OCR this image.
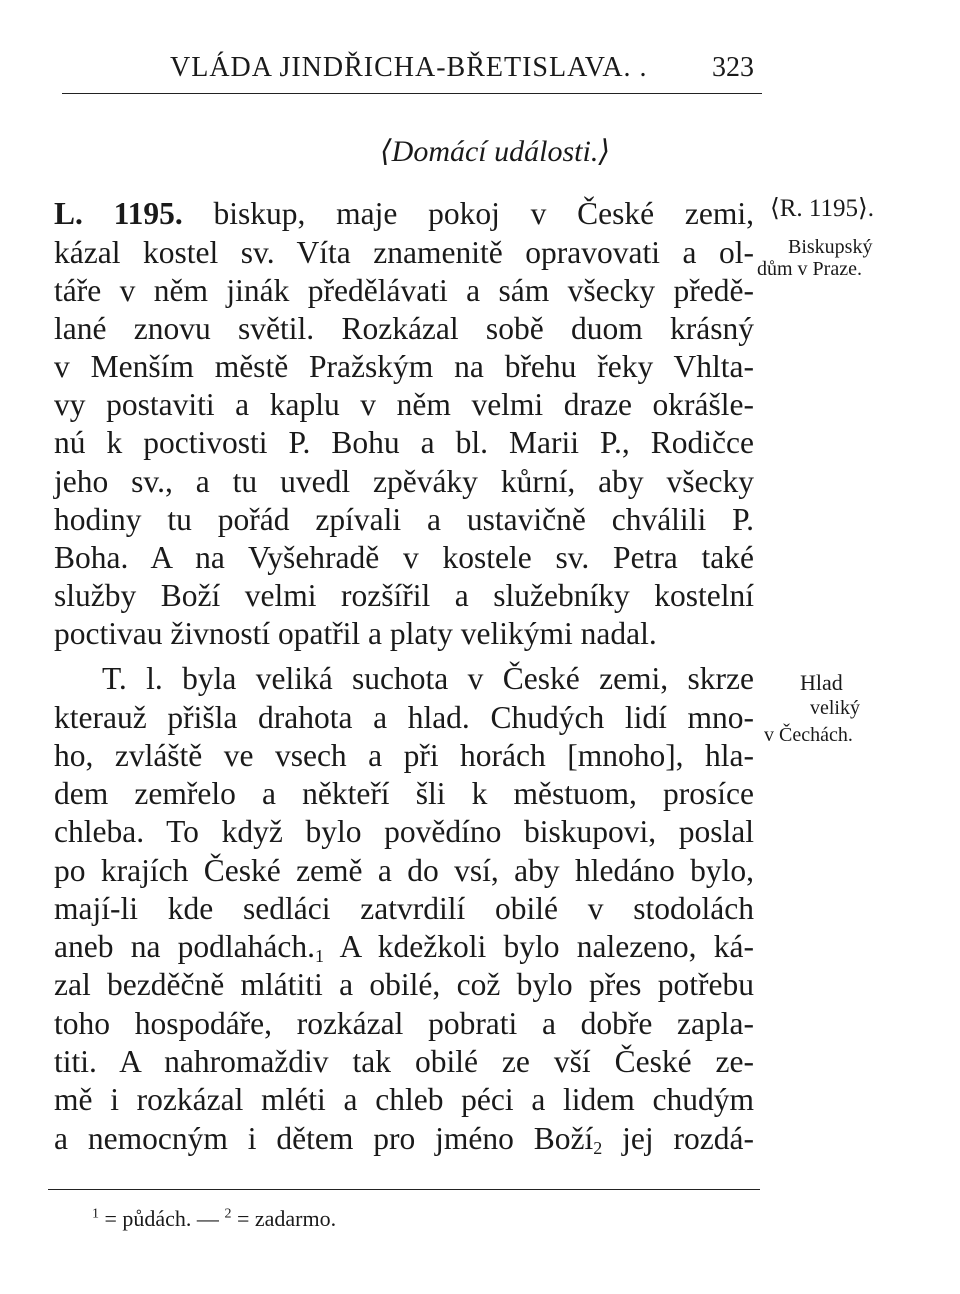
VLÁDA JINDŘICHA-BŘETISLAVA. . 323
⟨Domácí události.⟩
L. 1195. biskup, maje pokoj v České zemi,
kázal kostel sv. Víta znamenitě opravovati a ol-
táře v něm jinák předělávati a sám všecky předě-
lané znovu světil. Rozkázal sobě duom krásný
v Menším městě Pražským na břehu řeky Vhlta-
vy postaviti a kaplu v něm velmi draze okrášle-
nú k poctivosti P. Bohu a bl. Marii P., Rodičce
jeho sv., a tu uvedl zpěváky kůrní, aby všecky
hodiny tu pořád zpívali a ustavičně chválili P.
Boha. A na Vyšehradě v kostele sv. Petra také
služby Boží velmi rozšířil a služebníky kostelní
poctivau živností opatřil a platy velikými nadal.
T. l. byla veliká suchota v České zemi, skrze
kterauž přišla drahota a hlad. Chudých lidí mno-
ho, zvláště ve vsech a při horách [mnoho], hla-
dem zemřelo a někteří šli k městuom, prosíce
chleba. To když bylo povědíno biskupovi, poslal
po krajích České země a do vsí, aby hledáno bylo,
mají-li kde sedláci zatvrdilí obilé v stodolách
aneb na $podlahách._1$ A kdežkoli bylo nalezeno, ká-
zal bezděčně mlátiti a obilé, což bylo přes potřebu
toho hospodáře, rozkázal pobrati a dobře zapla-
titi. A nahromaždiv tak obilé ze vší České ze-
mě i rozkázal mléti a chleb péci a lidem chudým
a nemocným i dětem pro jméno Boží$_2$ jej rozdá-
⟨R. 1195⟩.
Biskupský
dům v Praze.
Hlad
veliký
v Čechách.
$^1$ = půdách. — $^2$ = zadarmo.
